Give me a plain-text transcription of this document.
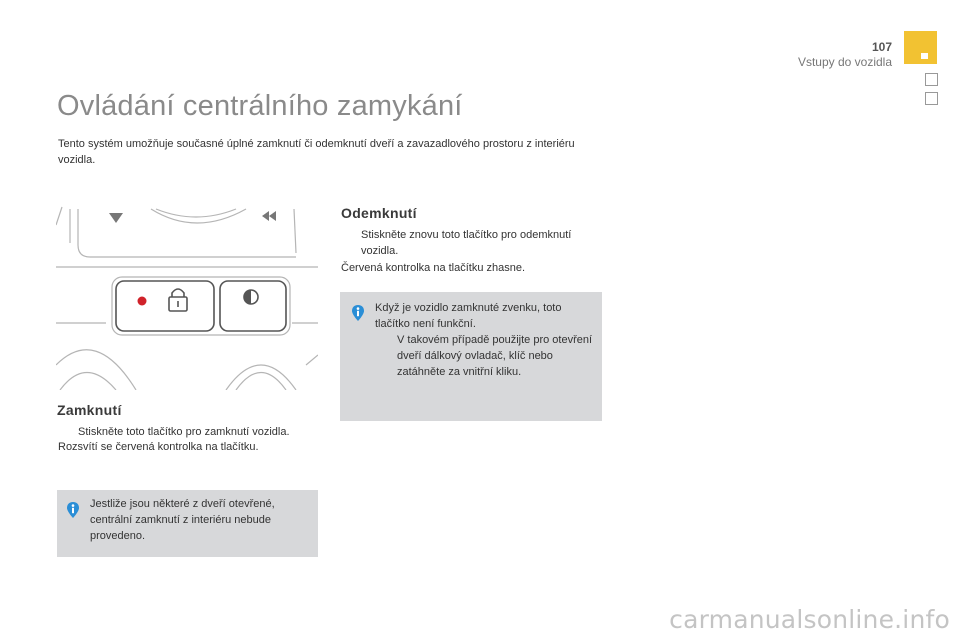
107
Vstupy do vozidla
Ovládání centrálního zamykání
Tento systém umožňuje současné úplné zamknutí či odemknutí dveří a zavazadlového prostoru z interiéru vozidla.
Zamknutí
Stiskněte toto tlačítko pro zamknutí vozidla.
Rozsvítí se červená kontrolka na tlačítku.
Jestliže jsou některé z dveří otevřené, centrální zamknutí z interiéru nebude provedeno.
Odemknutí
Stiskněte znovu toto tlačítko pro odemknutí vozidla.
Červená kontrolka na tlačítku zhasne.
Když je vozidlo zamknuté zvenku, toto tlačítko není funkční.
V takovém případě použijte pro otevření dveří dálkový ovladač, klíč nebo zatáhněte za vnitřní kliku.
carmanualsonline.info
